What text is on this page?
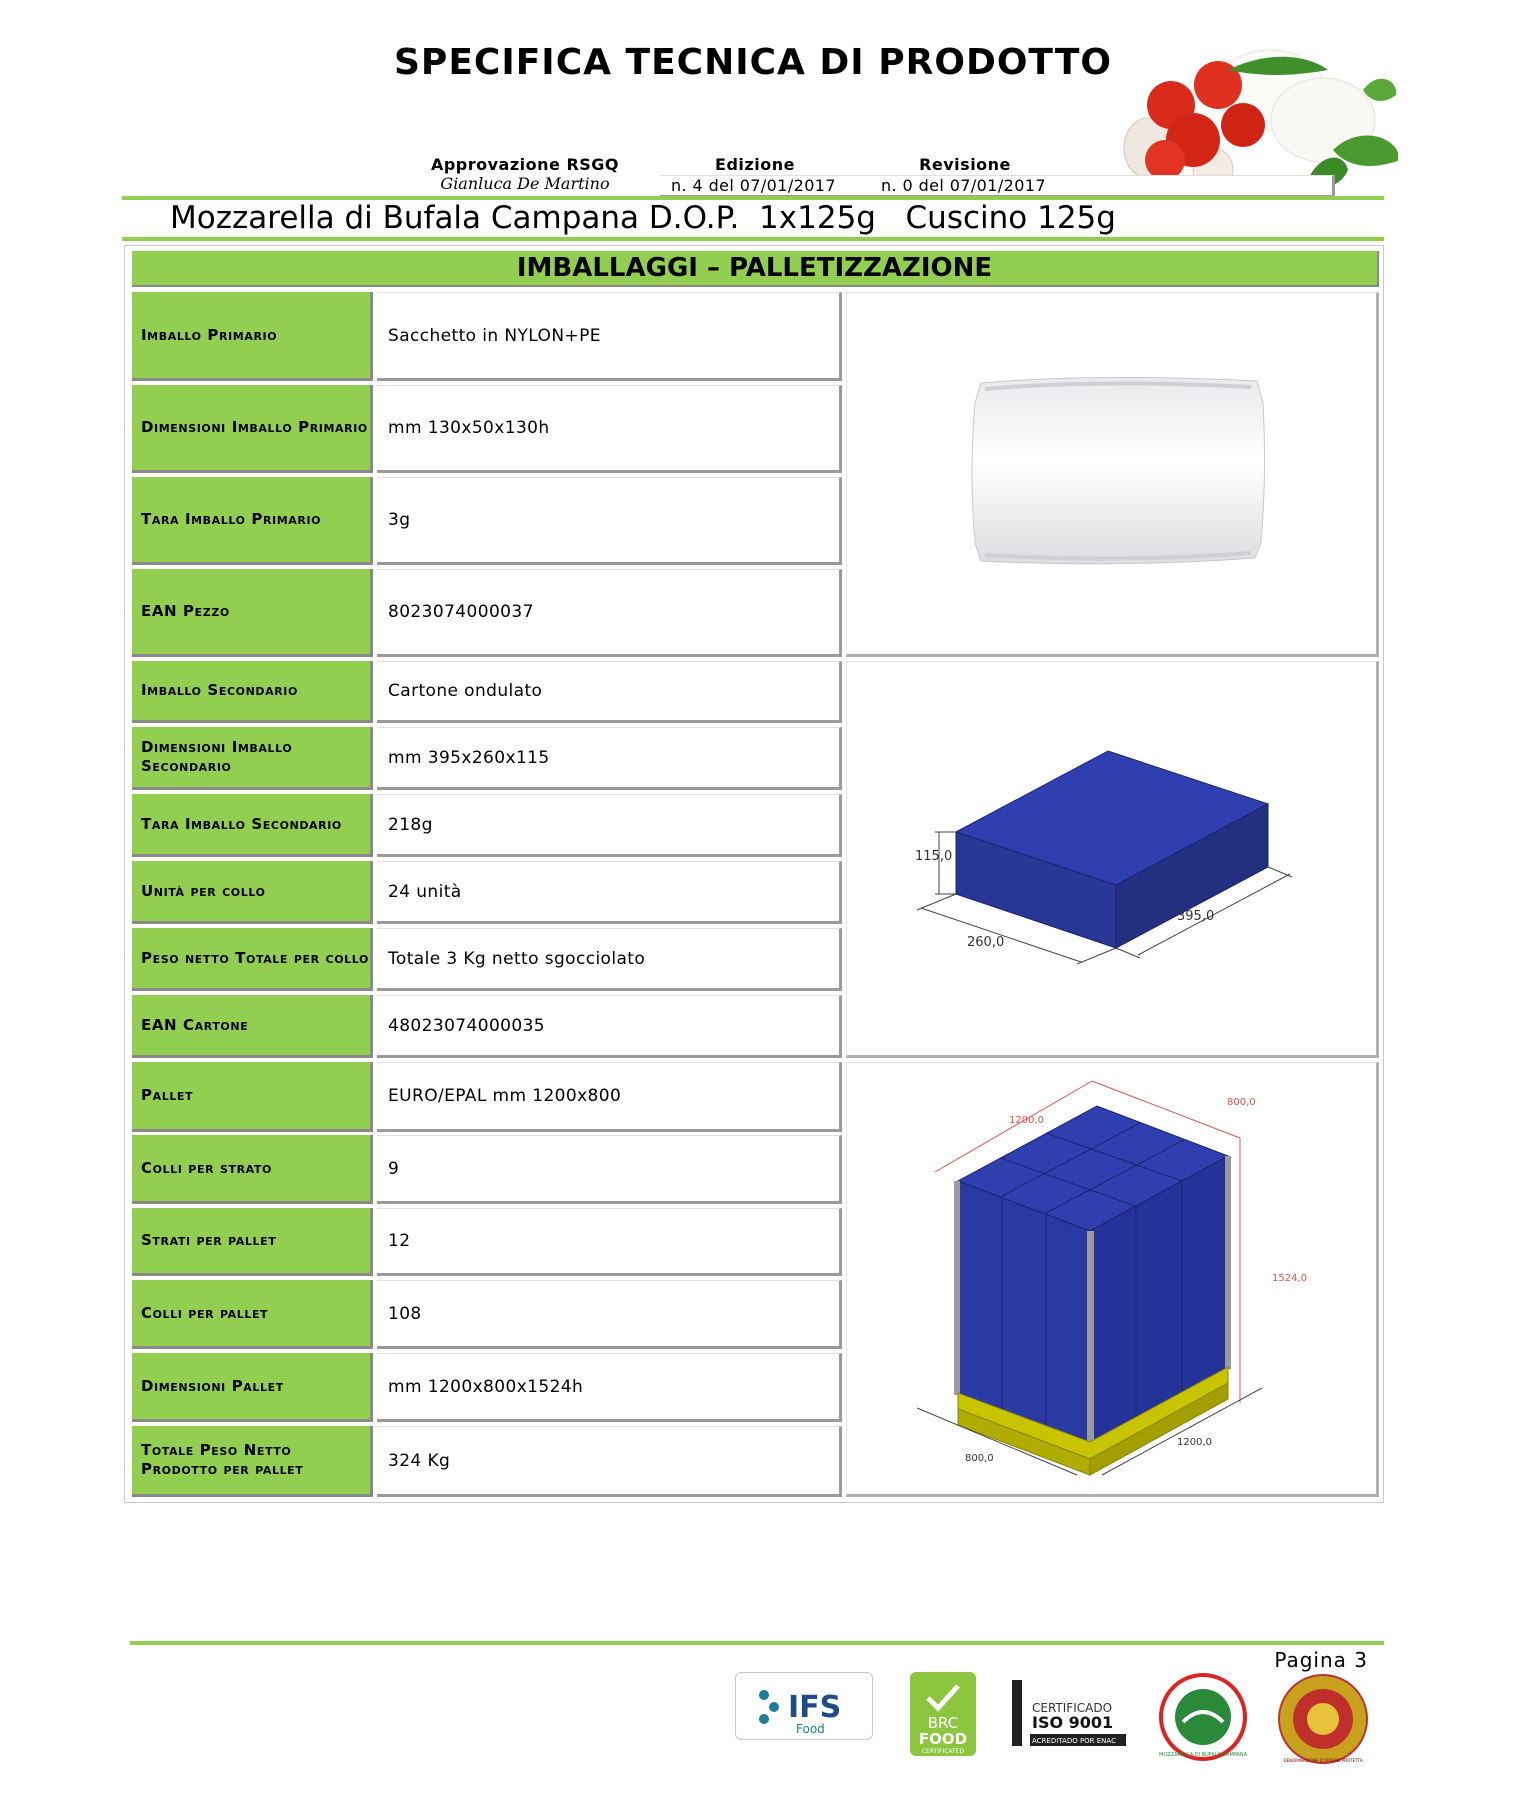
SPECIFICA TECNICA DI PRODOTTO
Approvazione RSGQ
Gianluca De Martino
Edizione
n. 4 del 07/01/2017
Revisione
n. 0 del 07/01/2017
Mozzarella di Bufala Campana D.O.P.  1x125g   Cuscino 125g
IMBALLAGGI – PALLETIZZAZIONE
Imballo Primario	Sacchetto in NYLON+PE
Dimensioni Imballo Primario	mm 130x50x130h
Tara Imballo Primario	3g
EAN Pezzo	8023074000037
Imballo Secondario	Cartone ondulato
Dimensioni Imballo Secondario	mm 395x260x115
Tara Imballo Secondario	218g
Unità per collo	24 unità
Peso netto Totale per collo	Totale 3 Kg netto sgocciolato
EAN Cartone	48023074000035
Pallet	EURO/EPAL mm 1200x800
Colli per strato	9
Strati per pallet	12
Colli per pallet	108
Dimensioni Pallet	mm 1200x800x1524h
Totale Peso Netto Prodotto per pallet	324 Kg
115,0
260,0
395,0
1200,0
800,0
1524,0
800,0
1200,0
Pagina 3
IFS
Food	BRC
FOOD
CERTIFICATED
CERTIFICADO
ISO 9001
ACREDITADO POR ENAC
MOZZARELLA DI BUFALA CAMPANA
DENOMINAZIONE D'ORIGINE PROTETTA
